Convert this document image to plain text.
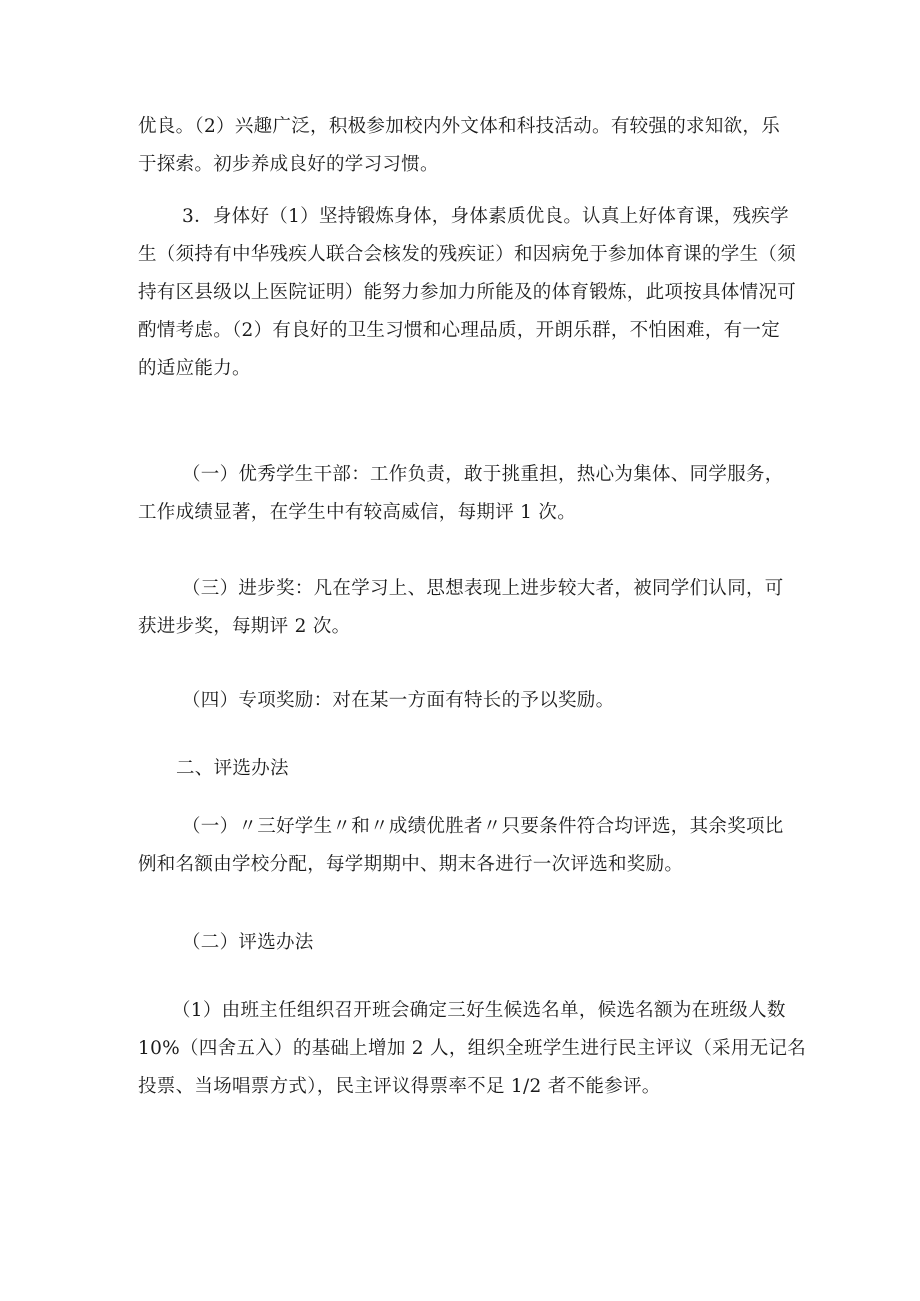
优良。（2）兴趣广泛，积极参加校内外文体和科技活动。有较强的求知欲，乐
于探索。初步养成良好的学习习惯。

3．身体好（1）坚持锻炼身体，身体素质优良。认真上好体育课，残疾学
生（须持有中华残疾人联合会核发的残疾证）和因病免于参加体育课的学生（须
持有区县级以上医院证明）能努力参加力所能及的体育锻炼，此项按具体情况可
酌情考虑。（2）有良好的卫生习惯和心理品质，开朗乐群，不怕困难，有一定
的适应能力。

（一）优秀学生干部：工作负责，敢于挑重担，热心为集体、同学服务，
工作成绩显著，在学生中有较高威信，每期评 1 次。

（三）进步奖：凡在学习上、思想表现上进步较大者，被同学们认同，可
获进步奖，每期评 2 次。

（四）专项奖励：对在某一方面有特长的予以奖励。

二、评选办法

（一）〃三好学生〃和〃成绩优胜者〃只要条件符合均评选，其余奖项比
例和名额由学校分配，每学期期中、期末各进行一次评选和奖励。

（二）评选办法

（1）由班主任组织召开班会确定三好生候选名单，候选名额为在班级人数
10%（四舍五入）的基础上增加 2 人，组织全班学生进行民主评议（采用无记名
投票、当场唱票方式），民主评议得票率不足 1/2 者不能参评。
